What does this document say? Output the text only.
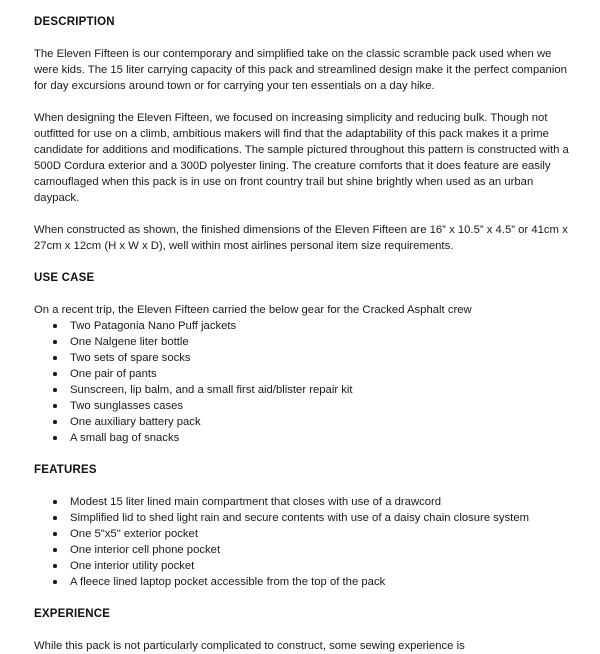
DESCRIPTION

The Eleven Fifteen is our contemporary and simplified take on the classic scramble pack used when we were kids. The 15 liter carrying capacity of this pack and streamlined design make it the perfect companion for day excursions around town or for carrying your ten essentials on a day hike.

When designing the Eleven Fifteen, we focused on increasing simplicity and reducing bulk. Though not outfitted for use on a climb, ambitious makers will find that the adaptability of this pack makes it a prime candidate for additions and modifications. The sample pictured throughout this pattern is constructed with a 500D Cordura exterior and a 300D polyester lining. The creature comforts that it does feature are easily camouflaged when this pack is in use on front country trail but shine brightly when used as an urban daypack.

When constructed as shown, the finished dimensions of the Eleven Fifteen are 16” x 10.5” x 4.5” or 41cm x 27cm x 12cm (H x W x D), well within most airlines personal item size requirements.

USE CASE

On a recent trip, the Eleven Fifteen carried the below gear for the Cracked Asphalt crew

Two Patagonia Nano Puff jackets
One Nalgene liter bottle
Two sets of spare socks
One pair of pants
Sunscreen, lip balm, and a small first aid/blister repair kit
Two sunglasses cases
One auxiliary battery pack
A small bag of snacks
FEATURES
Modest 15 liter lined main compartment that closes with use of a drawcord
Simplified lid to shed light rain and secure contents with use of a daisy chain closure system
One 5"x5" exterior pocket
One interior cell phone pocket
One interior utility pocket
A fleece lined laptop pocket accessible from the top of the pack
EXPERIENCE

While this pack is not particularly complicated to construct, some sewing experience is
